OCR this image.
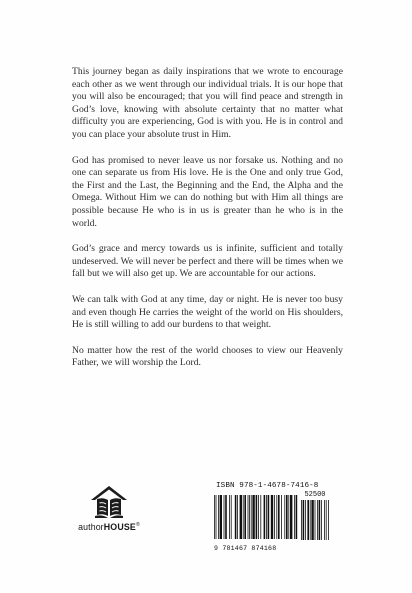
This journey began as daily inspirations that we wrote to encourage each other as we went through our individual trials. It is our hope that you will also be encouraged; that you will find peace and strength in God’s love, knowing with absolute certainty that no matter what difficulty you are experiencing, God is with you. He is in control and you can place your absolute trust in Him.

God has promised to never leave us nor forsake us. Nothing and no one can separate us from His love. He is the One and only true God, the First and the Last, the Beginning and the End, the Alpha and the Omega. Without Him we can do nothing but with Him all things are possible because He who is in us is greater than he who is in the world.

God’s grace and mercy towards us is infinite, sufficient and totally undeserved. We will never be perfect and there will be times when we fall but we will also get up. We are accountable for our actions.

We can talk with God at any time, day or night. He is never too busy and even though He carries the weight of the world on His shoulders, He is still willing to add our burdens to that weight.

No matter how the rest of the world chooses to view our Heavenly Father, we will worship the Lord.

authorHOUSE®
ISBN 978-1-4678-7416-8
9 781467 874168
52500
